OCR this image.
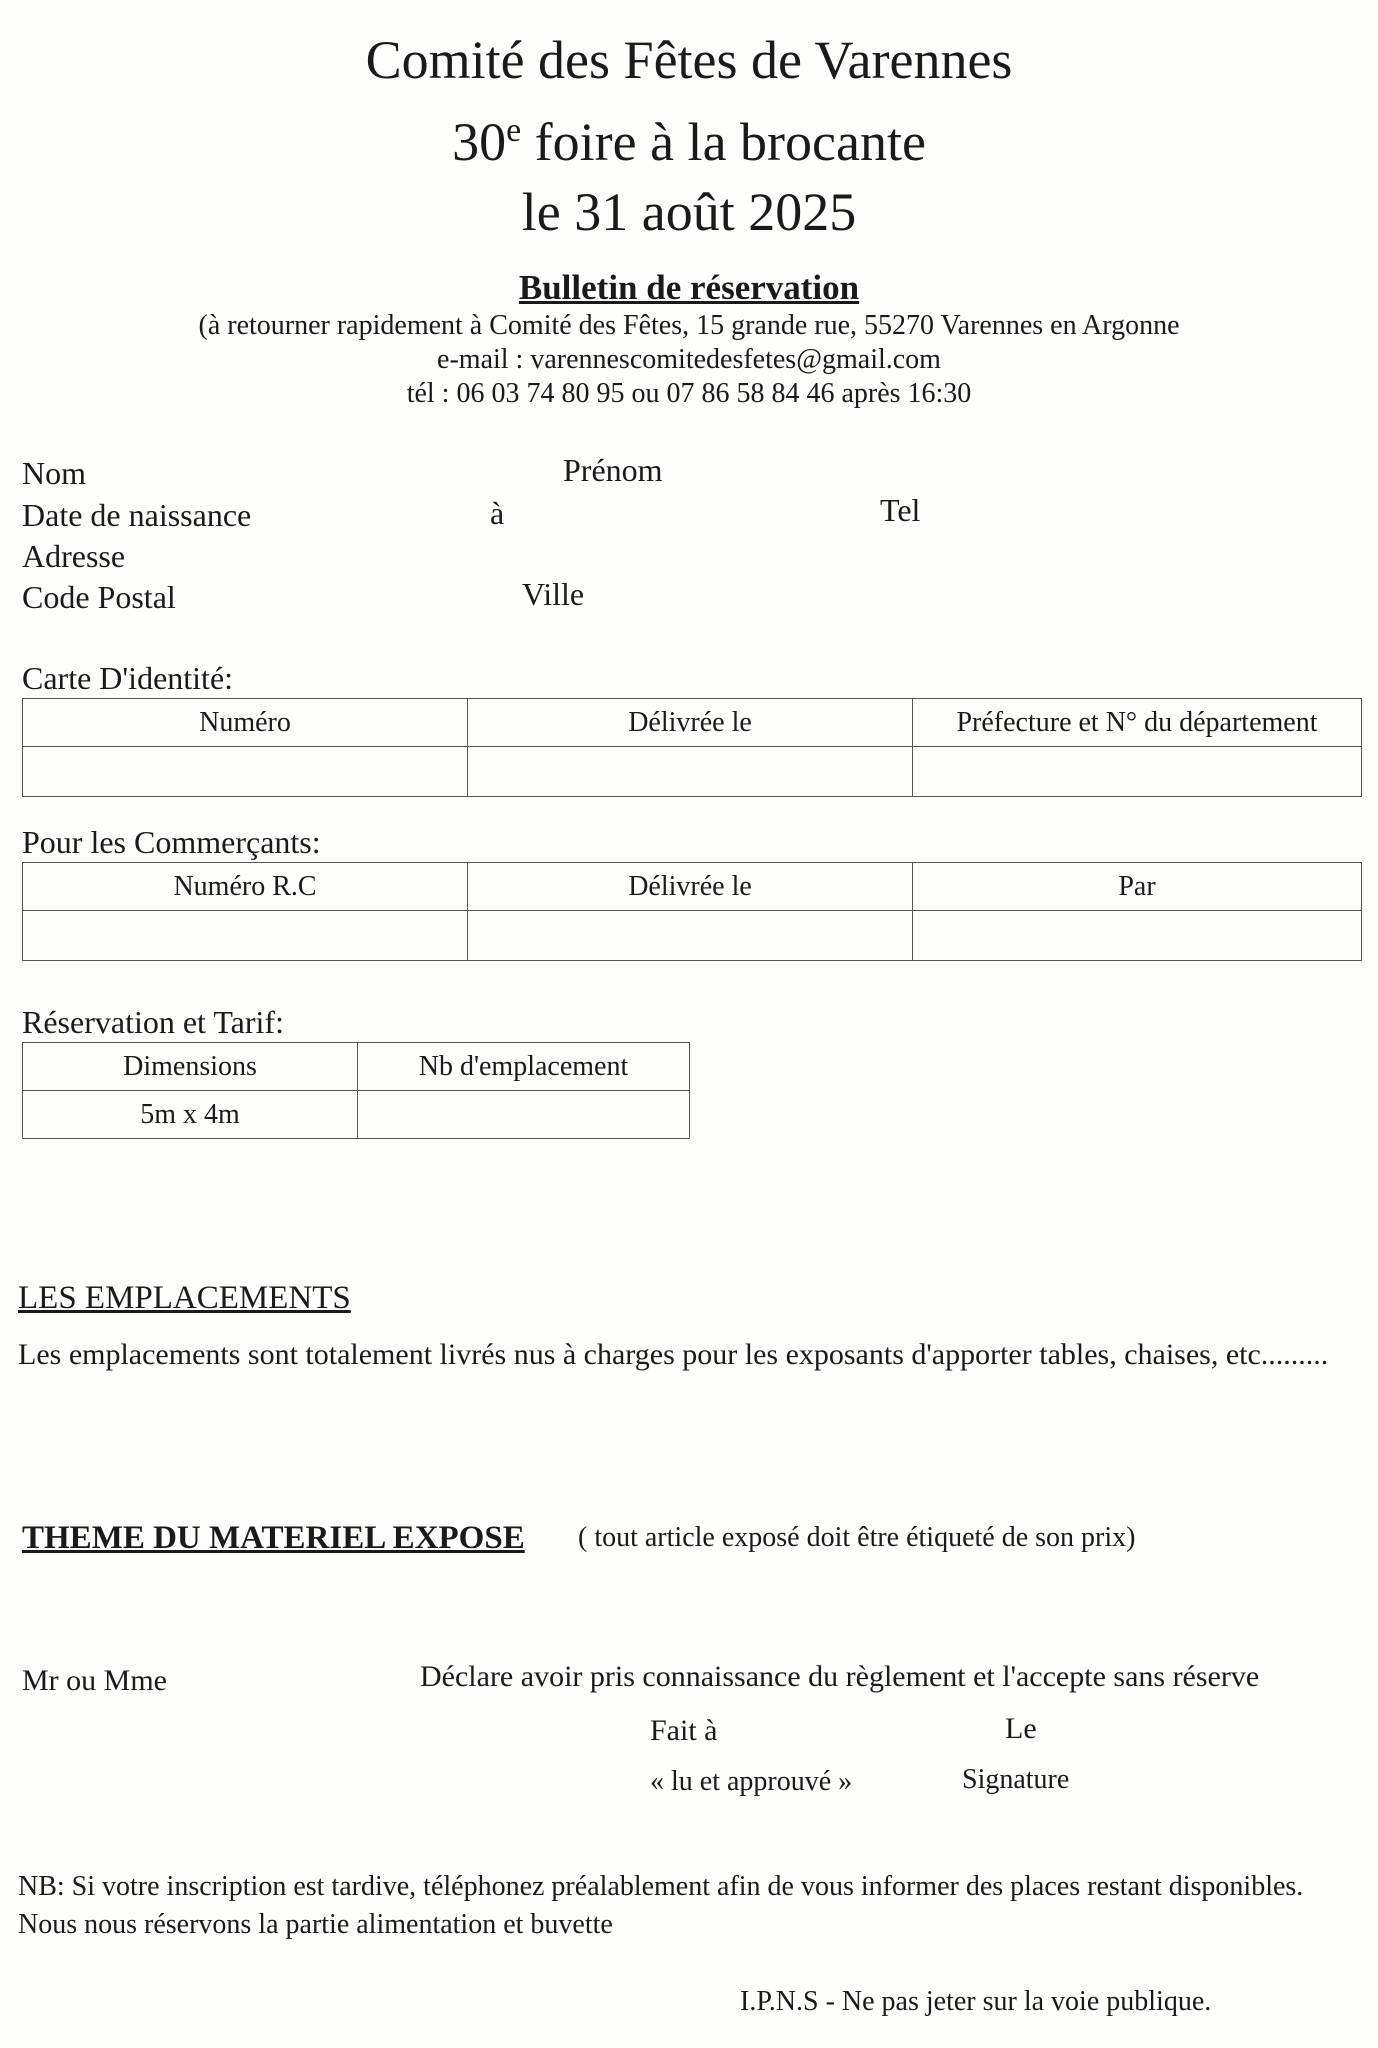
Comité des Fêtes de Varennes
30e foire à la brocante
le 31 août 2025
Bulletin de réservation
(à retourner rapidement à Comité des Fêtes, 15 grande rue, 55270 Varennes en Argonne
e-mail : varennescomitedesfetes@gmail.com
tél : 06 03 74 80 95 ou 07 86 58 84 46 après 16:30
Nom	Prénom
Date de naissance	à	Tel
Adresse
Code Postal	Ville
Carte D'identité:
Numéro	Délivrée le	Préfecture et N° du département

Pour les Commerçants:
Numéro R.C	Délivrée le	Par

Réservation et Tarif:
Dimensions	Nb d'emplacement
5m x 4m	
LES EMPLACEMENTS
Les emplacements sont totalement livrés nus à charges pour les exposants d'apporter tables, chaises, etc.........
THEME DU MATERIEL EXPOSE ( tout article exposé doit être étiqueté de son prix)
Mr ou Mme	Déclare avoir pris connaissance du règlement et l'accepte sans réserve
Fait à	Le
« lu et approuvé »	Signature
NB: Si votre inscription est tardive, téléphonez préalablement afin de vous informer des places restant disponibles. Nous nous réservons la partie alimentation et buvette
I.P.N.S - Ne pas jeter sur la voie publique.
